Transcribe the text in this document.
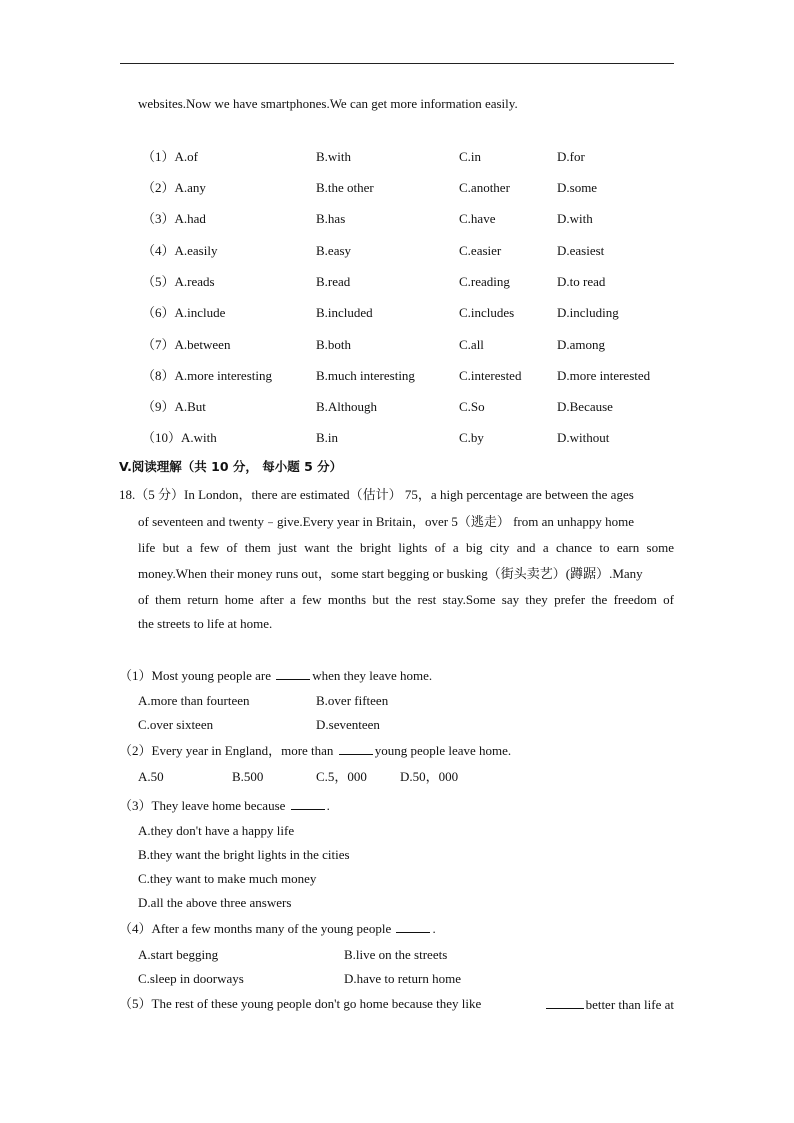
websites.Now we have smartphones.We can get more information easily.
（1）A.of	B.with	C.in	D.for
（2）A.any	B.the other	C.another	D.some
（3）A.had	B.has	C.have	D.with
（4）A.easily	B.easy	C.easier	D.easiest
（5）A.reads	B.read	C.reading	D.to read
（6）A.include	B.included	C.includes	D.including
（7）A.between	B.both	C.all	D.among
（8）A.more interesting	B.much interesting	C.interested	D.more interested
（9）A.But	B.Although	C.So	D.Because
（10）A.with	B.in	C.by	D.without
V.阅读理解（共 10 分， 每小题 5 分）
18.（5 分）In London，there are estimated（估计） 75，a high percentage are between the ages
of seventeen and twenty﹣give.Every year in Britain，over 5（逃走） from an unhappy home
life but a few of them just want the bright lights of a big city and a chance to earn some
money.When their money runs out，some start begging or busking（街头卖艺）(蹲踞）.Many
of them return home after a few months but the rest stay.Some say they prefer the freedom of
the streets to life at home.
（1）Most young people are	when they leave home.
A.more than fourteen	B.over fifteen
C.over sixteen	D.seventeen
（2）Every year in England，more than	young people leave home.
A.50	B.500	C.5，000	D.50，000
（3）They leave home because	.
A.they don't have a happy life
B.they want the bright lights in the cities
C.they want to make much money
D.all the above three answers
（4）After a few months many of the young people	.
A.start begging	B.live on the streets
C.sleep in doorways	D.have to return home
（5）The rest of these young people don't go home because they like	better than life at
